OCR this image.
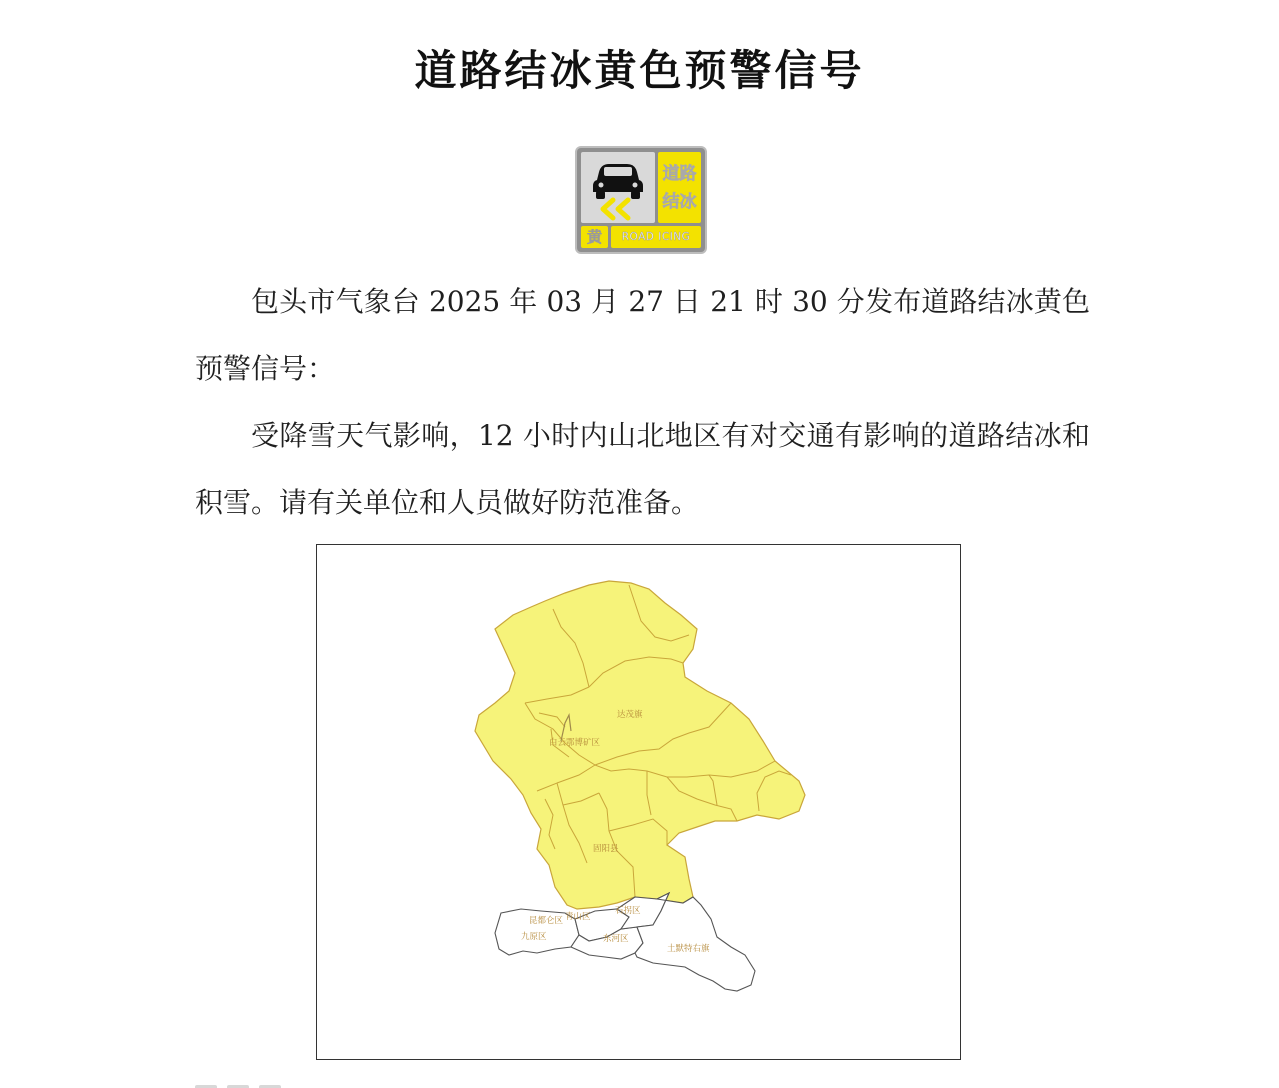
道路结冰黄色预警信号
道路
结冰
黄	ROAD ICING
包头市气象台 2025 年 03 月 27 日 21 时 30 分发布道路结冰黄色预警信号：
受降雪天气影响，12 小时内山北地区有对交通有影响的道路结冰和积雪。请有关单位和人员做好防范准备。
达茂旗
白云鄂博矿区
固阳县
昆都仑区 青山区
石拐区
九原区	东河区
土默特右旗
